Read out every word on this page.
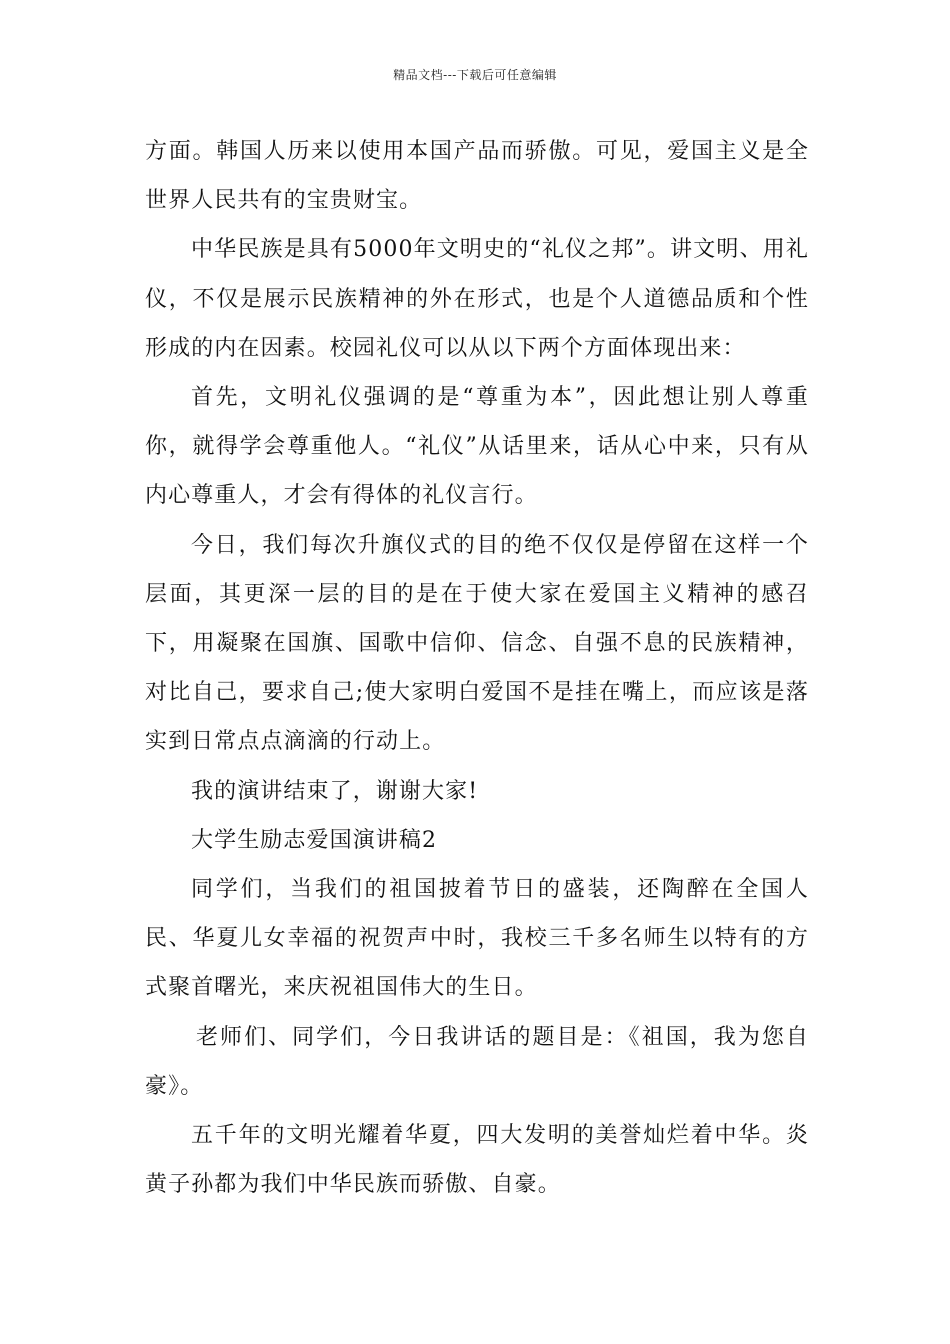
精品文档---下载后可任意编辑

方面。韩国人历来以使用本国产品而骄傲。可见，爱国主义是全世界人民共有的宝贵财宝。

中华民族是具有5000年文明史的“礼仪之邦”。讲文明、用礼仪，不仅是展示民族精神的外在形式，也是个人道德品质和个性形成的内在因素。校园礼仪可以从以下两个方面体现出来：

首先，文明礼仪强调的是“尊重为本”，因此想让别人尊重你，就得学会尊重他人。“礼仪”从话里来，话从心中来，只有从内心尊重人，才会有得体的礼仪言行。

今日，我们每次升旗仪式的目的绝不仅仅是停留在这样一个层面，其更深一层的目的是在于使大家在爱国主义精神的感召下，用凝聚在国旗、国歌中信仰、信念、自强不息的民族精神，对比自己，要求自己;使大家明白爱国不是挂在嘴上，而应该是落实到日常点点滴滴的行动上。

我的演讲结束了，谢谢大家!

大学生励志爱国演讲稿2

同学们，当我们的祖国披着节日的盛装，还陶醉在全国人民、华夏儿女幸福的祝贺声中时，我校三千多名师生以特有的方式聚首曙光，来庆祝祖国伟大的生日。

老师们、同学们，今日我讲话的题目是：《祖国，我为您自豪》。

五千年的文明光耀着华夏，四大发明的美誉灿烂着中华。炎黄子孙都为我们中华民族而骄傲、自豪。
